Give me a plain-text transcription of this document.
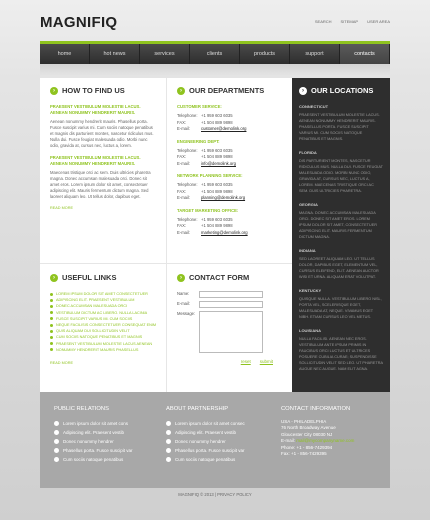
MAGNIFIQ	SEARCH SITEMAP USER AREA
home	hot news	services	clients	products	support	contacts
› HOW TO FIND US
PRAESENT VESTIBULUM MOLESTIE LACUS. AENEAN NONUMMY HENDRERIT MAURIS.
Aenean nonummy hendrerit mauris. Phasellus porta. Fusce suscipit varius mi. Cum sociis natoque penatibus et magnis dis parturient montes, nascetur ridiculus mus. Nulla dui. Fusce feugiat malesuada odio. Morbi nunc odio, gravida at, cursus nec, luctus a, lorem.
PRAESENT VESTIBULUM MOLESTIE LACUS. AENEAN NONUMMY HENDRERIT MAURIS.
Maecenas tristique orci ac sem. Duis ultricies pharetra magna. Donec accumsan malesuada orci. Donec sit amet eros. Lorem ipsum dolor sit amet, consectetuer adipiscing elit. Mauris fermentum dictum magna. Sed laoreet aliquam leo. Ut tellus dolor, dapibus eget.
READ MORE
› USEFUL LINKS
LOREM IPSUM DOLOR SIT AMET CONSECTETUER
ADIPISCING ELIT. PRAESENT VESTIBULUM
DONEC ACCUMSAN MALESUADA ORCI
VESTIBULUM DICTUM AC LIBERO. NULLA LACINIA
FUSCE SUSCIPIT VARIUS MI. CUM SOCIIS
NEQUE FACILISIS CONSECTETUER CONSEQUAT ENIM
QUIS ALIQUAM DUI SOLLICITUDIN VELIT
CUM SOCIIS NATOQUE PENATIBUS ET MAGNIS
PRAESENT VESTIBULUM MOLESTIE LACUS AENEAN
NONUMMY HENDRERIT MAURIS PHASELLUS
READ MORE
› OUR DEPARTMENTS
CUSTOMER SERVICE:
Telephone: +1 959 603 6035
FAX:	+1 504 889 9898
E-mail:	customer@demolink.org
ENGINEERING DEPT:
Telephone: +1 959 603 6035
FAX:	+1 504 889 9898
E-mail:	info@demolink.org
NETWORK PLANNING SERVICE:
Telephone: +1 959 603 6035
FAX:	+1 504 889 9898
E-mail:	planning@demolink.org
TARGET MARKETING OFFICE:
Telephone: +1 959 603 6035
FAX:	+1 504 889 9898
E-mail:	marketing@demolink.org
› CONTACT FORM
Name:
E-mail:
Message:
reset submit
› OUR LOCATIONS
CONNECTICUT
PRAESENT VESTIBULUM MOLESTIE LACUS. AENEAN NONUMMY HENDRERIT MAURIS. PHASELLUS PORTA. FUSCE SUSCIPIT VARIUS MI. CUM SOCIIS NATOQUE PENATIBUS ET MAGNIS.
FLORIDA
DIS PARTURIENT MONTES, NASCETUR RIDICULUS MUS. NULLA DUI. FUSCE FEUGIAT MALESUADA ODIO. MORBI NUNC ODIO, GRAVIDA AT, CURSUS NEC, LUCTUS A, LOREM. MAECENAS TRISTIQUE ORCI AC SEM. DUIS ULTRICIES PHARETRA.
GEORGIA
MAGNA. DONEC ACCUMSAN MALESUADA ORCI. DONEC SIT AMET EROS. LOREM IPSUM DOLOR SIT AMET, CONSECTETUER ADIPISCING ELIT. MAURIS FERMENTUM DICTUM MAGNA.
INDIANA
SED LAOREET ALIQUAM LEO. UT TELLUS DOLOR, DAPIBUS EGET, ELEMENTUM VEL, CURSUS ELEIFEND, ELIT. AENEAN AUCTOR WISI ET URNA. ALIQUAM ERAT VOLUTPAT.
KENTUCKY
QUISQUE NULLA. VESTIBULUM LIBERO NISL, PORTA VEL, SCELERISQUE EGET, MALESUADA AT, NEQUE. VIVAMUS EGET NIBH. ETIAM CURSUS LEO VEL METUS.
LOUISIANA
NULLA FACILISI. AENEAN NEC EROS. VESTIBULUM ANTE IPSUM PRIMIS IN FAUCIBUS ORCI LUCTUS ET ULTRICES POSUERE CUBILIA CURAE; SUSPENDISSE SOLLICITUDIN VELIT SED LEO. UT PHARETRA AUGUE NEC AUGUE. NAM ELIT AGNA.
PUBLIC RELATIONS
Lorem ipsum dolor sit amet cons
Adipiscing elit. Praesent vestib
Donec nonummy hendrer
Phasellus porta. Fusce suscipit var
Cum sociis natoque penatibus
ABOUT PARTNERSHIP
Lorem ipsum dolor sit amet consec
Adipiscing elit. Praesent vestib
Donec nonummy hendrer
Phasellus porta. Fusce suscipit var
Cum sociis natoque penatibus
CONTACT INFORMATION
USA - PHILADELPHIA
76 North Broadway Avenue
Gloucester City 08030 NJ
E-mail: mail@mycompanyname.com
Phone: +1 - 856-7429394
Fax: +1 - 856-7429395
MAGNIFIQ © 2013 | PRIVACY POLICY
